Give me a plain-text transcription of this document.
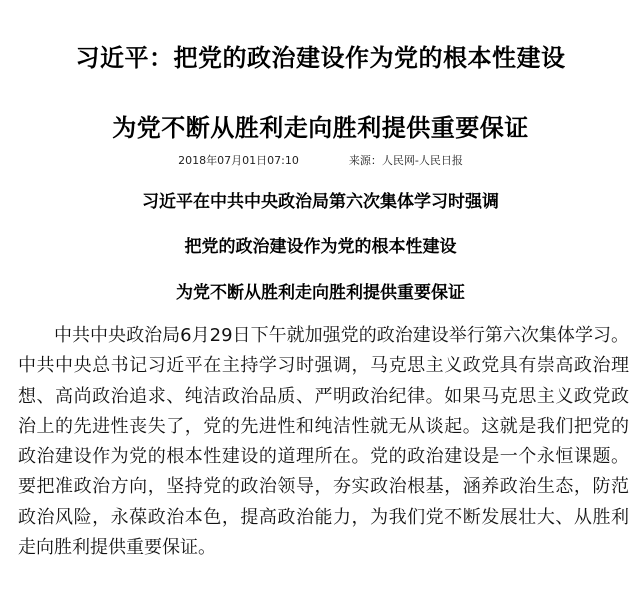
习近平：把党的政治建设作为党的根本性建设
为党不断从胜利走向胜利提供重要保证
2018年07月01日07:10	来源：人民网-人民日报
习近平在中共中央政治局第六次集体学习时强调
把党的政治建设作为党的根本性建设
为党不断从胜利走向胜利提供重要保证

中共中央政治局6月29日下午就加强党的政治建设举行第六次集体学习。中共中央总书记习近平在主持学习时强调，马克思主义政党具有崇高政治理想、高尚政治追求、纯洁政治品质、严明政治纪律。如果马克思主义政党政治上的先进性丧失了，党的先进性和纯洁性就无从谈起。这就是我们把党的政治建设作为党的根本性建设的道理所在。党的政治建设是一个永恒课题。要把准政治方向，坚持党的政治领导，夯实政治根基，涵养政治生态，防范政治风险，永葆政治本色，提高政治能力，为我们党不断发展壮大、从胜利走向胜利提供重要保证。
